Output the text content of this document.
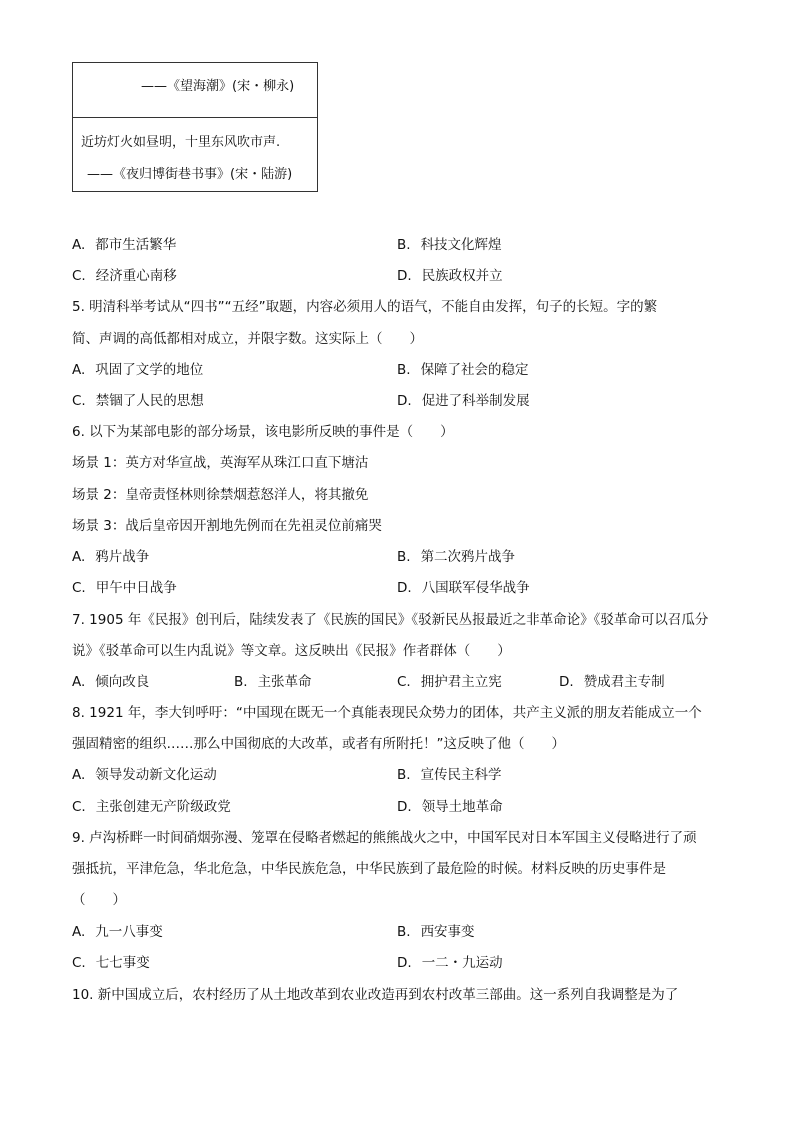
——《望海潮》(宋・柳永)
近坊灯火如昼明，十里东风吹市声.
——《夜归博街巷书事》(宋・陆游)
A. 都市生活繁华	B. 科技文化辉煌
C. 经济重心南移	D. 民族政权并立
5. 明清科举考试从“四书”“五经”取题，内容必须用人的语气，不能自由发挥，句子的长短。字的繁
简、声调的高低都相对成立，并限字数。这实际上（　　）
A. 巩固了文学的地位	B. 保障了社会的稳定
C. 禁锢了人民的思想	D. 促进了科举制发展
6. 以下为某部电影的部分场景，该电影所反映的事件是（　　）
场景 1：英方对华宣战，英海军从珠江口直下塘沽
场景 2：皇帝责怪林则徐禁烟惹怒洋人，将其撤免
场景 3：战后皇帝因开割地先例而在先祖灵位前痛哭
A. 鸦片战争	B. 第二次鸦片战争
C. 甲午中日战争	D. 八国联军侵华战争
7. 1905 年《民报》创刊后，陆续发表了《民族的国民》《驳新民丛报最近之非革命论》《驳革命可以召瓜分
说》《驳革命可以生内乱说》等文章。这反映出《民报》作者群体（　　）
A. 倾向改良	B. 主张革命	C. 拥护君主立宪	D. 赞成君主专制
8. 1921 年，李大钊呼吁：“中国现在既无一个真能表现民众势力的团体，共产主义派的朋友若能成立一个
强固精密的组织……那么中国彻底的大改革，或者有所附托！”这反映了他（　　）
A. 领导发动新文化运动	B. 宣传民主科学
C. 主张创建无产阶级政党	D. 领导土地革命
9. 卢沟桥畔一时间硝烟弥漫、笼罩在侵略者燃起的熊熊战火之中，中国军民对日本军国主义侵略进行了顽
强抵抗，平津危急，华北危急，中华民族危急，中华民族到了最危险的时候。材料反映的历史事件是
（　　）
A. 九一八事变	B. 西安事变
C. 七七事变	D. 一二・九运动
10. 新中国成立后，农村经历了从土地改革到农业改造再到农村改革三部曲。这一系列自我调整是为了
